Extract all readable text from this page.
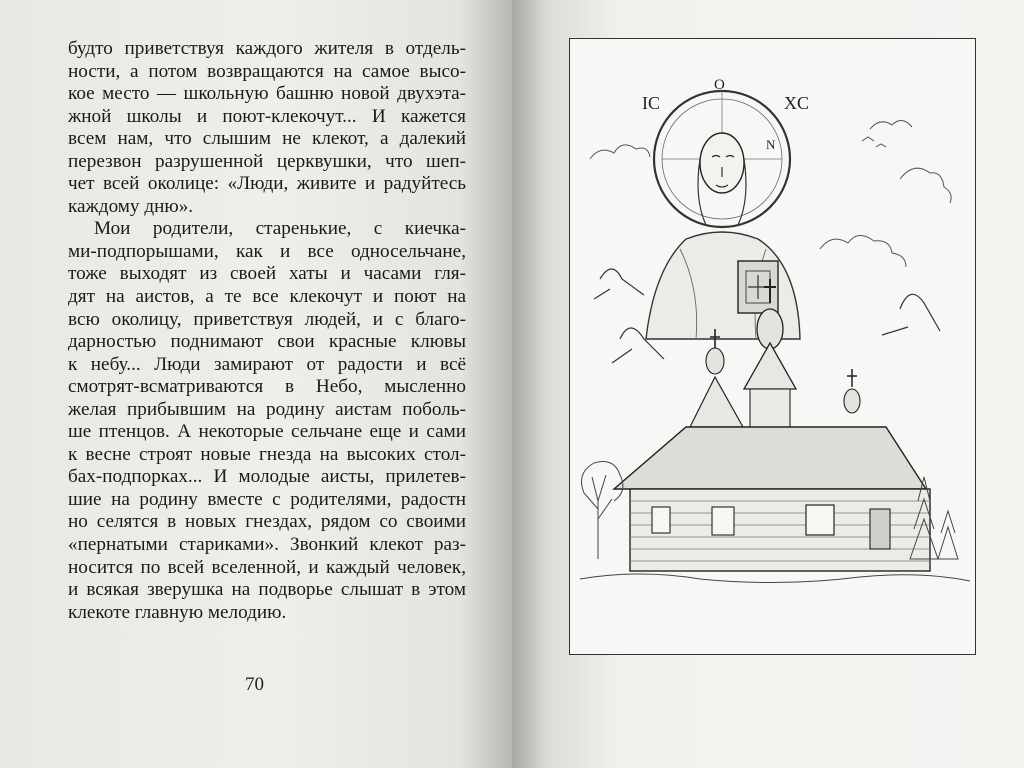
будто приветствуя каждого жителя в отдель-
ности, а потом возвращаются на самое высо-
кое место — школьную башню новой двухэта-
жной школы и поют-клекочут... И кажется
всем нам, что слышим не клекот, а далекий
перезвон разрушенной церквушки, что шеп-
чет всей околице: «Люди, живите и радуйтесь
каждому дню».
Мои родители, старенькие, с киечка-
ми-подпорышами, как и все односельчане,
тоже выходят из своей хаты и часами гля-
дят на аистов, а те все клекочут и поют на
всю околицу, приветствуя людей, и с благо-
дарностью поднимают свои красные клювы
к небу... Люди замирают от радости и всё
смотрят-всматриваются в Небо, мысленно
желая прибывшим на родину аистам поболь-
ше птенцов. А некоторые сельчане еще и сами
к весне строят новые гнезда на высоких стол-
бах-подпорках... И молодые аисты, прилетев-
шие на родину вместе с родителями, радостн
но селятся в новых гнездах, рядом со своими
«пернатыми стариками». Звонкий клекот раз-
носится по всей вселенной, и каждый человек,
и всякая зверушка на подворье слышат в этом
клекоте главную мелодию.
70
IC
O
XC
N
